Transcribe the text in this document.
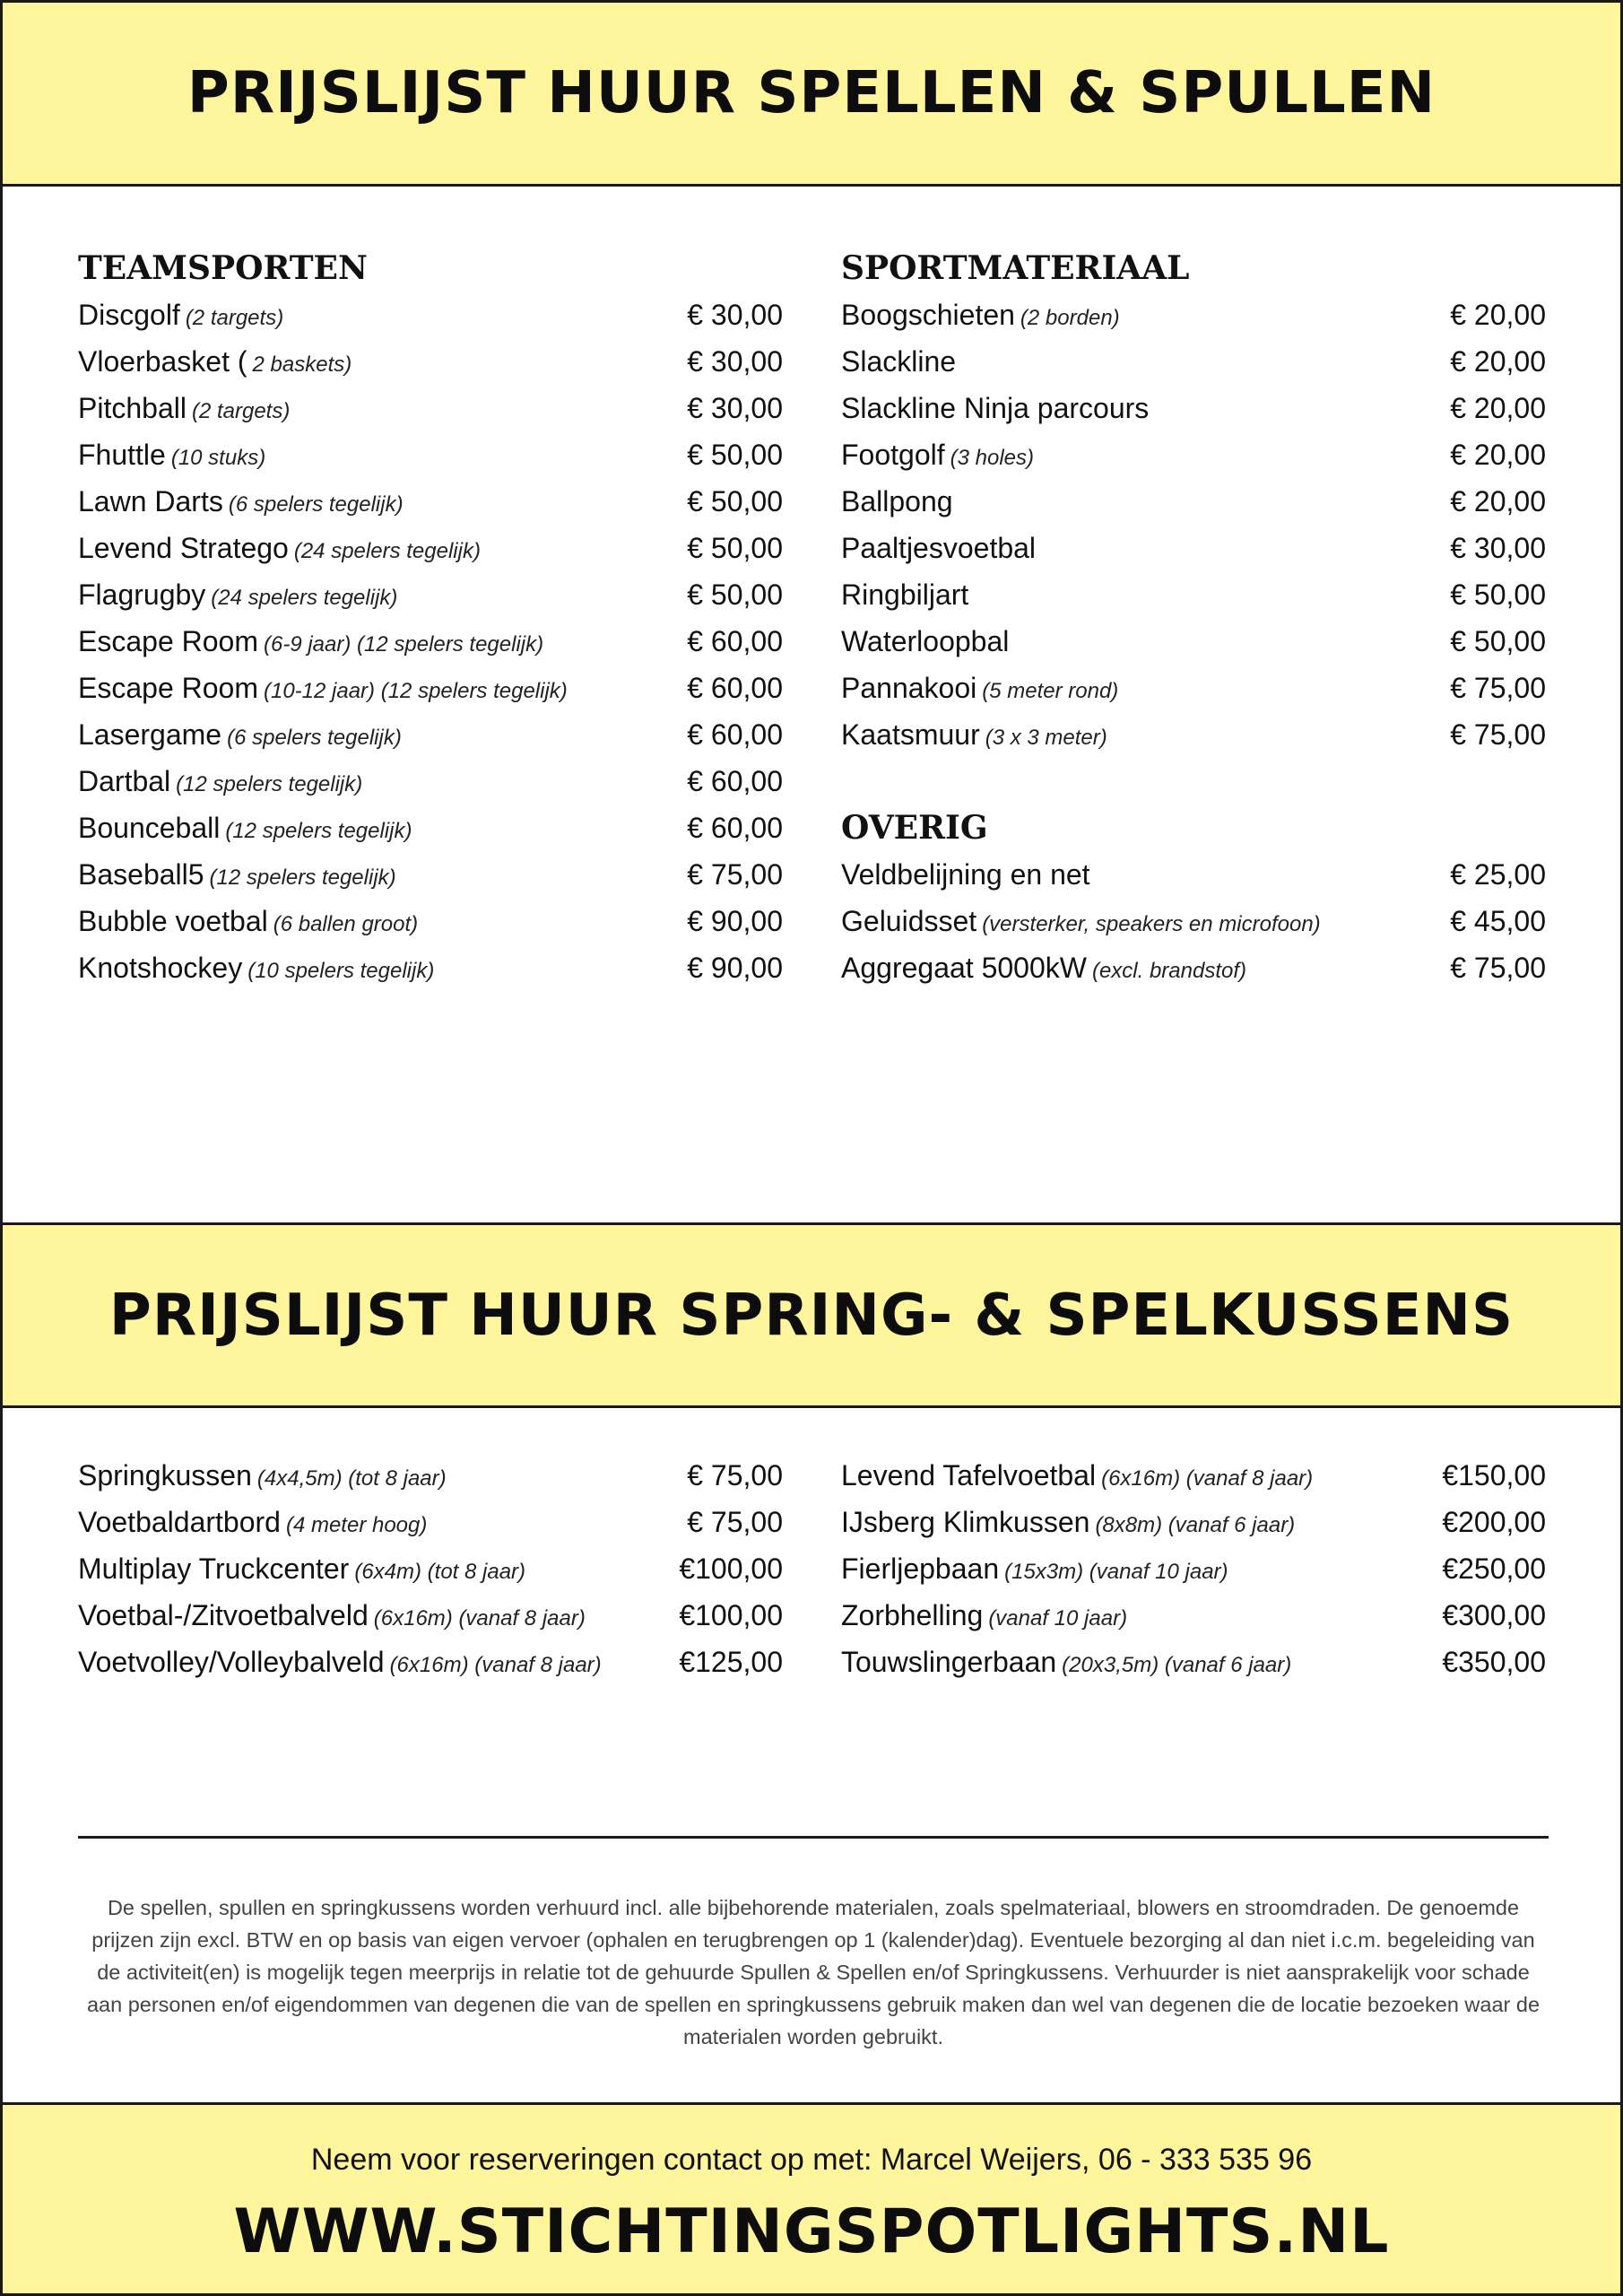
PRIJSLIJST HUUR SPELLEN & SPULLEN
TEAMSPORTEN
Discgolf (2 targets)	€ 30,00
Vloerbasket ( 2 baskets)	€ 30,00
Pitchball (2 targets)	€ 30,00
Fhuttle (10 stuks)	€ 50,00
Lawn Darts (6 spelers tegelijk)	€ 50,00
Levend Stratego (24 spelers tegelijk)	€ 50,00
Flagrugby (24 spelers tegelijk)	€ 50,00
Escape Room (6-9 jaar) (12 spelers tegelijk)	€ 60,00
Escape Room (10-12 jaar) (12 spelers tegelijk)	€ 60,00
Lasergame (6 spelers tegelijk)	€ 60,00
Dartbal (12 spelers tegelijk)	€ 60,00
Bounceball (12 spelers tegelijk)	€ 60,00
Baseball5 (12 spelers tegelijk)	€ 75,00
Bubble voetbal (6 ballen groot)	€ 90,00
Knotshockey (10 spelers tegelijk)	€ 90,00
SPORTMATERIAAL
Boogschieten (2 borden)	€ 20,00
Slackline	€ 20,00
Slackline Ninja parcours	€ 20,00
Footgolf (3 holes)	€ 20,00
Ballpong	€ 20,00
Paaltjesvoetbal	€ 30,00
Ringbiljart	€ 50,00
Waterloopbal	€ 50,00
Pannakooi (5 meter rond)	€ 75,00
Kaatsmuur (3 x 3 meter)	€ 75,00
OVERIG
Veldbelijning en net	€ 25,00
Geluidsset (versterker, speakers en microfoon)	€ 45,00
Aggregaat 5000kW (excl. brandstof)	€ 75,00
PRIJSLIJST HUUR SPRING- & SPELKUSSENS
Springkussen (4x4,5m) (tot 8 jaar)	€ 75,00
Voetbaldartbord (4 meter hoog)	€ 75,00
Multiplay Truckcenter (6x4m) (tot 8 jaar)	€100,00
Voetbal-/Zitvoetbalveld (6x16m) (vanaf 8 jaar)	€100,00
Voetvolley/Volleybalveld (6x16m) (vanaf 8 jaar)	€125,00
Levend Tafelvoetbal (6x16m) (vanaf 8 jaar)	€150,00
IJsberg Klimkussen (8x8m) (vanaf 6 jaar)	€200,00
Fierljepbaan (15x3m) (vanaf 10 jaar)	€250,00
Zorbhelling (vanaf 10 jaar)	€300,00
Touwslingerbaan (20x3,5m) (vanaf 6 jaar)	€350,00

De spellen, spullen en springkussens worden verhuurd incl. alle bijbehorende materialen, zoals spelmateriaal, blowers en stroomdraden. De genoemde prijzen zijn excl. BTW en op basis van eigen vervoer (ophalen en terugbrengen op 1 (kalender)dag). Eventuele bezorging al dan niet i.c.m. begeleiding van de activiteit(en) is mogelijk tegen meerprijs in relatie tot de gehuurde Spullen & Spellen en/of Springkussens. Verhuurder is niet aansprakelijk voor schade aan personen en/of eigendommen van degenen die van de spellen en springkussens gebruik maken dan wel van degenen die de locatie bezoeken waar de materialen worden gebruikt.

Neem voor reserveringen contact op met: Marcel Weijers, 06 - 333 535 96

WWW.STICHTINGSPOTLIGHTS.NL
